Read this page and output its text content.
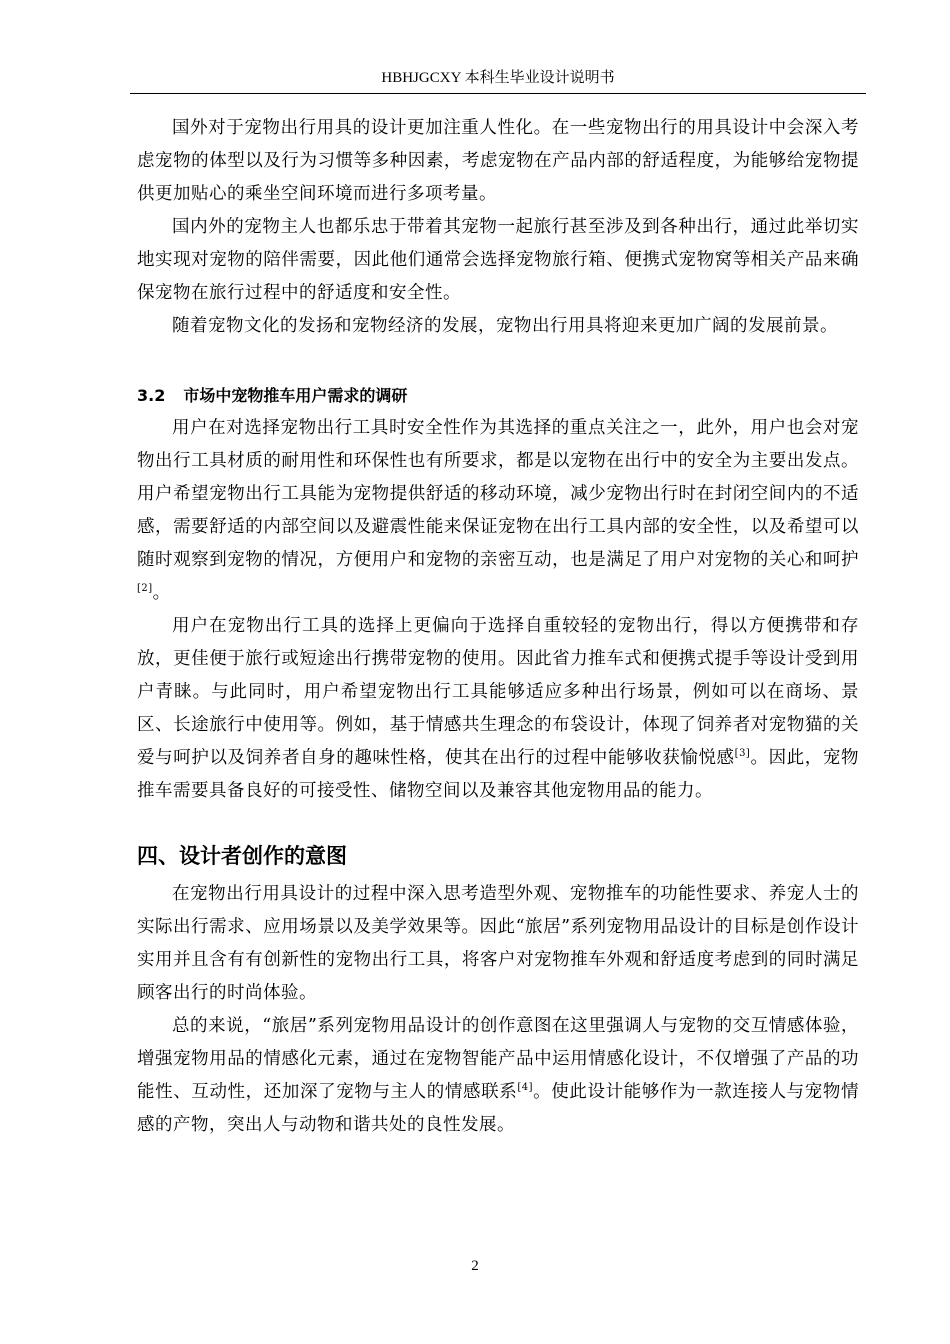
HBHJGCXY 本科生毕业设计说明书

国外对于宠物出行用具的设计更加注重人性化。在一些宠物出行的用具设计中会深入考虑宠物的体型以及行为习惯等多种因素，考虑宠物在产品内部的舒适程度，为能够给宠物提供更加贴心的乘坐空间环境而进行多项考量。

国内外的宠物主人也都乐忠于带着其宠物一起旅行甚至涉及到各种出行，通过此举切实地实现对宠物的陪伴需要，因此他们通常会选择宠物旅行箱、便携式宠物窝等相关产品来确保宠物在旅行过程中的舒适度和安全性。

随着宠物文化的发扬和宠物经济的发展，宠物出行用具将迎来更加广阔的发展前景。

3.2 市场中宠物推车用户需求的调研

用户在对选择宠物出行工具时安全性作为其选择的重点关注之一，此外，用户也会对宠物出行工具材质的耐用性和环保性也有所要求，都是以宠物在出行中的安全为主要出发点。用户希望宠物出行工具能为宠物提供舒适的移动环境，减少宠物出行时在封闭空间内的不适感，需要舒适的内部空间以及避震性能来保证宠物在出行工具内部的安全性，以及希望可以随时观察到宠物的情况，方便用户和宠物的亲密互动，也是满足了用户对宠物的关心和呵护[2]。

用户在宠物出行工具的选择上更偏向于选择自重较轻的宠物出行，得以方便携带和存放，更佳便于旅行或短途出行携带宠物的使用。因此省力推车式和便携式提手等设计受到用户青睐。与此同时，用户希望宠物出行工具能够适应多种出行场景，例如可以在商场、景区、长途旅行中使用等。例如，基于情感共生理念的布袋设计，体现了饲养者对宠物猫的关爱与呵护以及饲养者自身的趣味性格，使其在出行的过程中能够收获愉悦感[3]。因此，宠物推车需要具备良好的可接受性、储物空间以及兼容其他宠物用品的能力。

四、设计者创作的意图

在宠物出行用具设计的过程中深入思考造型外观、宠物推车的功能性要求、养宠人士的实际出行需求、应用场景以及美学效果等。因此“旅居”系列宠物用品设计的目标是创作设计实用并且含有有创新性的宠物出行工具，将客户对宠物推车外观和舒适度考虑到的同时满足顾客出行的时尚体验。

总的来说，“旅居”系列宠物用品设计的创作意图在这里强调人与宠物的交互情感体验，增强宠物用品的情感化元素，通过在宠物智能产品中运用情感化设计，不仅增强了产品的功能性、互动性，还加深了宠物与主人的情感联系[4]。使此设计能够作为一款连接人与宠物情感的产物，突出人与动物和谐共处的良性发展。

2
